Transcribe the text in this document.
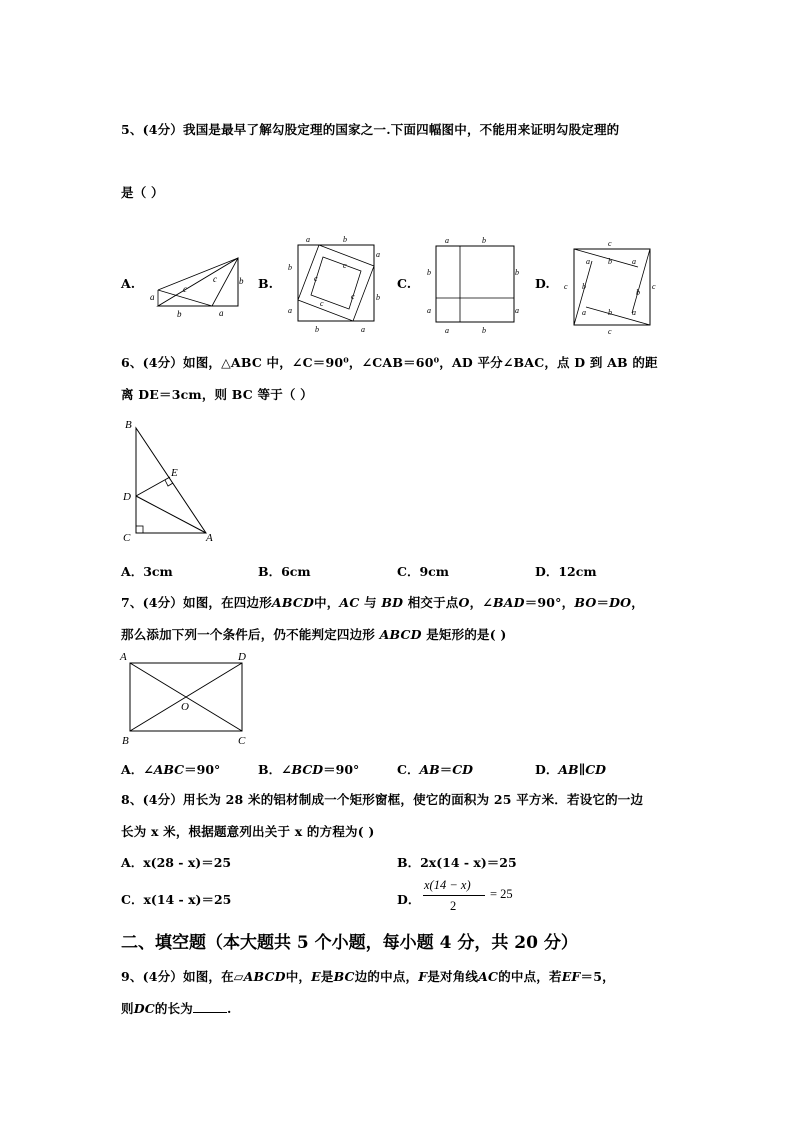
5、(4分）我国是最早了解勾股定理的国家之一.下面四幅图中，不能用来证明勾股定理的
是（ ）
A.
a
c
c b
b	a
B.
a	b
b
a
a
b
b	a
c
c
c
c
C.
a	b
b	b
a	a
a	b
D.
c
c	c
c
a b	a
b
b
a	b	a
6、(4分）如图，△ABC 中，∠C＝90⁰，∠CAB＝60⁰，AD 平分∠BAC，点 D 到 AB 的距
离 DE＝3cm，则 BC 等于（ ）
B
E
D
C	A
A．3cm	B．6cm	C．9cm	D．12cm
7、(4分）如图，在四边形ABCD中，AC 与 BD 相交于点O，∠BAD＝90°，BO＝DO，
那么添加下列一个条件后，仍不能判定四边形 ABCD 是矩形的是( )
A	D
O
B	C
A．∠ABC＝90°	B．∠BCD＝90°	C．AB＝CD	D．AB∥CD
8、(4分）用长为 28 米的铝材制成一个矩形窗框，使它的面积为 25 平方米．若设它的一边
长为 x 米，根据题意列出关于 x 的方程为( )
A．x(28 - x)＝25	B．2x(14 - x)＝25
C．x(14 - x)＝25	D．
x(14 − x)
2
= 25
二、填空题（本大题共 5 个小题，每小题 4 分，共 20 分）
9、(4分）如图，在▱ABCD中，E是BC边的中点，F是对角线AC的中点，若EF＝5，
则DC的长为	.
